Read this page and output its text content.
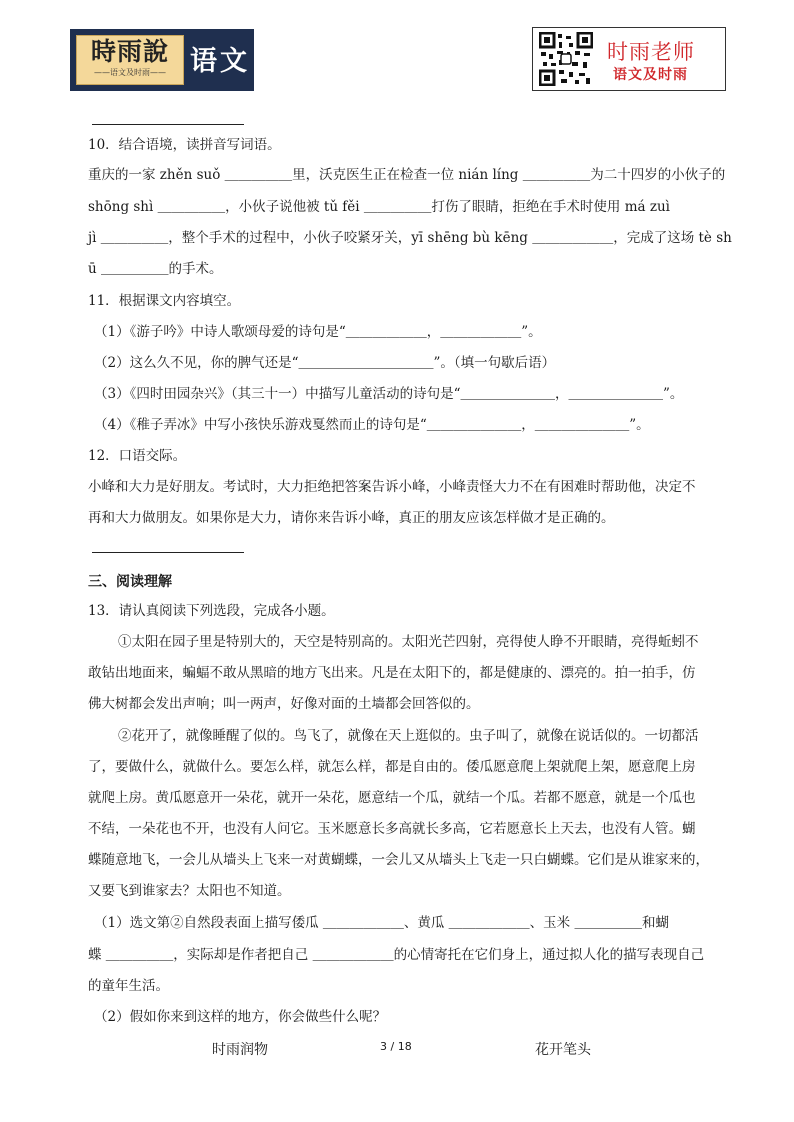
時雨說
——语文及时雨—— 语文	时雨老师
语文及时雨
10．结合语境，读拼音写词语。
重庆的一家 zhěn suǒ ＿＿＿＿＿里，沃克医生正在检查一位 nián líng ＿＿＿＿＿为二十四岁的小伙子的
shōng shì ＿＿＿＿＿，小伙子说他被 tǔ fěi ＿＿＿＿＿打伤了眼睛，拒绝在手术时使用 má zuì
jì ＿＿＿＿＿，整个手术的过程中，小伙子咬紧牙关，yī shēng bù kēng ＿＿＿＿＿＿，完成了这场 tè sh
ū ＿＿＿＿＿的手术。
11．根据课文内容填空。
（1）《游子吟》中诗人歌颂母爱的诗句是“＿＿＿＿＿＿，＿＿＿＿＿＿”。
（2）这么久不见，你的脾气还是“＿＿＿＿＿＿＿＿＿＿”。（填一句歇后语）
（3）《四时田园杂兴》（其三十一）中描写儿童活动的诗句是“＿＿＿＿＿＿＿，＿＿＿＿＿＿＿”。
（4）《稚子弄冰》中写小孩快乐游戏戛然而止的诗句是“＿＿＿＿＿＿＿，＿＿＿＿＿＿＿”。
12．口语交际。
小峰和大力是好朋友。考试时，大力拒绝把答案告诉小峰，小峰责怪大力不在有困难时帮助他，决定不
再和大力做朋友。如果你是大力，请你来告诉小峰，真正的朋友应该怎样做才是正确的。
三、阅读理解
13．请认真阅读下列选段，完成各小题。
①太阳在园子里是特别大的，天空是特别高的。太阳光芒四射，亮得使人睁不开眼睛，亮得蚯蚓不
敢钻出地面来，蝙蝠不敢从黑暗的地方飞出来。凡是在太阳下的，都是健康的、漂亮的。拍一拍手，仿
佛大树都会发出声响；叫一两声，好像对面的土墙都会回答似的。
②花开了，就像睡醒了似的。鸟飞了，就像在天上逛似的。虫子叫了，就像在说话似的。一切都活
了，要做什么，就做什么。要怎么样，就怎么样，都是自由的。倭瓜愿意爬上架就爬上架，愿意爬上房
就爬上房。黄瓜愿意开一朵花，就开一朵花，愿意结一个瓜，就结一个瓜。若都不愿意，就是一个瓜也
不结，一朵花也不开，也没有人问它。玉米愿意长多高就长多高，它若愿意长上天去，也没有人管。蝴
蝶随意地飞，一会儿从墙头上飞来一对黄蝴蝶，一会儿又从墙头上飞走一只白蝴蝶。它们是从谁家来的，
又要飞到谁家去？太阳也不知道。
（1）选文第②自然段表面上描写倭瓜 ＿＿＿＿＿＿、黄瓜 ＿＿＿＿＿＿、玉米 ＿＿＿＿＿和蝴
蝶 ＿＿＿＿＿，实际却是作者把自己 ＿＿＿＿＿＿的心情寄托在它们身上，通过拟人化的描写表现自己
的童年生活。
（2）假如你来到这样的地方，你会做些什么呢？
时雨润物	3 / 18	花开笔头
